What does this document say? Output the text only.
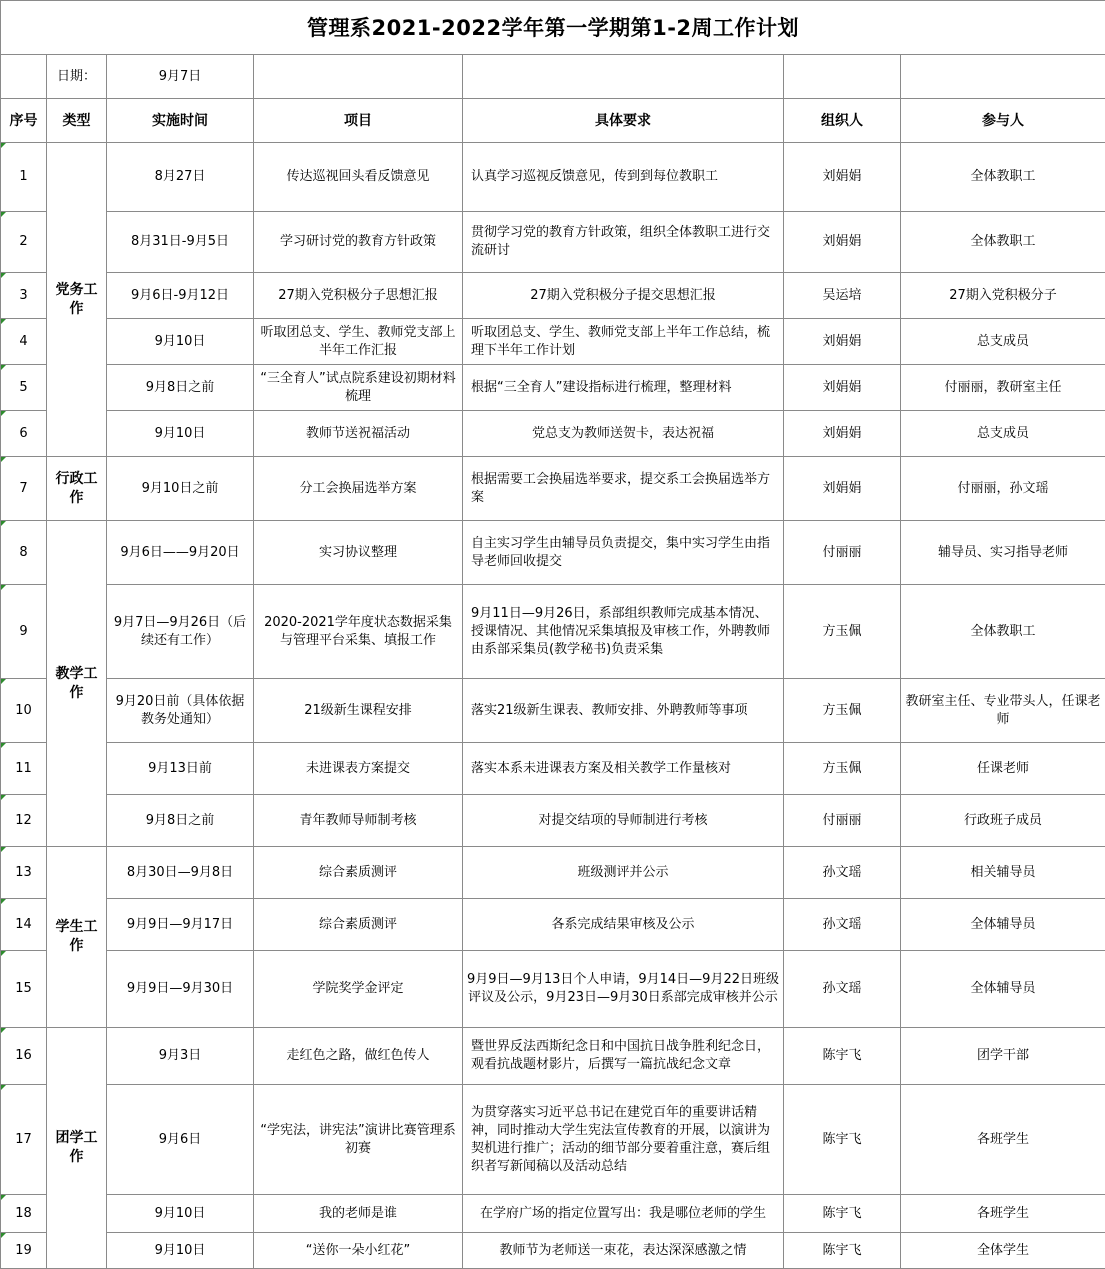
管理系2021-2022学年第一学期第1-2周工作计划						
	日期：	9月7日				
序号	类型	实施时间	项目	具体要求	组织人	参与人
1	党务工作	8月27日	传达巡视回头看反馈意见	认真学习巡视反馈意见，传到到每位教职工	刘娟娟	全体教职工
2		8月31日-9月5日	学习研讨党的教育方针政策	贯彻学习党的教育方针政策，组织全体教职工进行交流研讨	刘娟娟	全体教职工
3		9月6日-9月12日	27期入党积极分子思想汇报	27期入党积极分子提交思想汇报	吴运培	27期入党积极分子
4		9月10日	听取团总支、学生、教师党支部上半年工作汇报	听取团总支、学生、教师党支部上半年工作总结，梳理下半年工作计划	刘娟娟	总支成员
5		9月8日之前	“三全育人”试点院系建设初期材料梳理	根据“三全育人”建设指标进行梳理，整理材料	刘娟娟	付丽丽，教研室主任
6		9月10日	教师节送祝福活动	党总支为教师送贺卡，表达祝福	刘娟娟	总支成员
7	行政工作	9月10日之前	分工会换届选举方案	根据需要工会换届选举要求，提交系工会换届选举方案	刘娟娟	付丽丽，孙文瑶
8	教学工作	9月6日——9月20日	实习协议整理	自主实习学生由辅导员负责提交，集中实习学生由指导老师回收提交	付丽丽	辅导员、实习指导老师
9		9月7日—9月26日（后续还有工作）	2020-2021学年度状态数据采集与管理平台采集、填报工作	9月11日—9月26日，系部组织教师完成基本情况、授课情况、其他情况采集填报及审核工作，外聘教师由系部采集员(教学秘书)负责采集	方玉佩	全体教职工
10		9月20日前（具体依据教务处通知）	21级新生课程安排	落实21级新生课表、教师安排、外聘教师等事项	方玉佩	教研室主任、专业带头人，任课老师
11		9月13日前	未进课表方案提交	落实本系未进课表方案及相关教学工作量核对	方玉佩	任课老师
12		9月8日之前	青年教师导师制考核	对提交结项的导师制进行考核	付丽丽	行政班子成员
13	学生工作	8月30日—9月8日	综合素质测评	班级测评并公示	孙文瑶	相关辅导员
14		9月9日—9月17日	综合素质测评	各系完成结果审核及公示	孙文瑶	全体辅导员
15		9月9日—9月30日	学院奖学金评定	9月9日—9月13日个人申请，9月14日—9月22日班级评议及公示，9月23日—9月30日系部完成审核并公示	孙文瑶	全体辅导员
16	团学工作	9月3日	走红色之路，做红色传人	暨世界反法西斯纪念日和中国抗日战争胜利纪念日，观看抗战题材影片，后撰写一篇抗战纪念文章	陈宇飞	团学干部
17		9月6日	“学宪法，讲宪法”演讲比赛管理系初赛	为贯穿落实习近平总书记在建党百年的重要讲话精神，同时推动大学生宪法宣传教育的开展，以演讲为契机进行推广；活动的细节部分要着重注意，赛后组织者写新闻稿以及活动总结	陈宇飞	各班学生
18		9月10日	我的老师是谁	在学府广场的指定位置写出：我是哪位老师的学生	陈宇飞	各班学生
19		9月10日	“送你一朵小红花”	教师节为老师送一束花，表达深深感激之情	陈宇飞	全体学生
